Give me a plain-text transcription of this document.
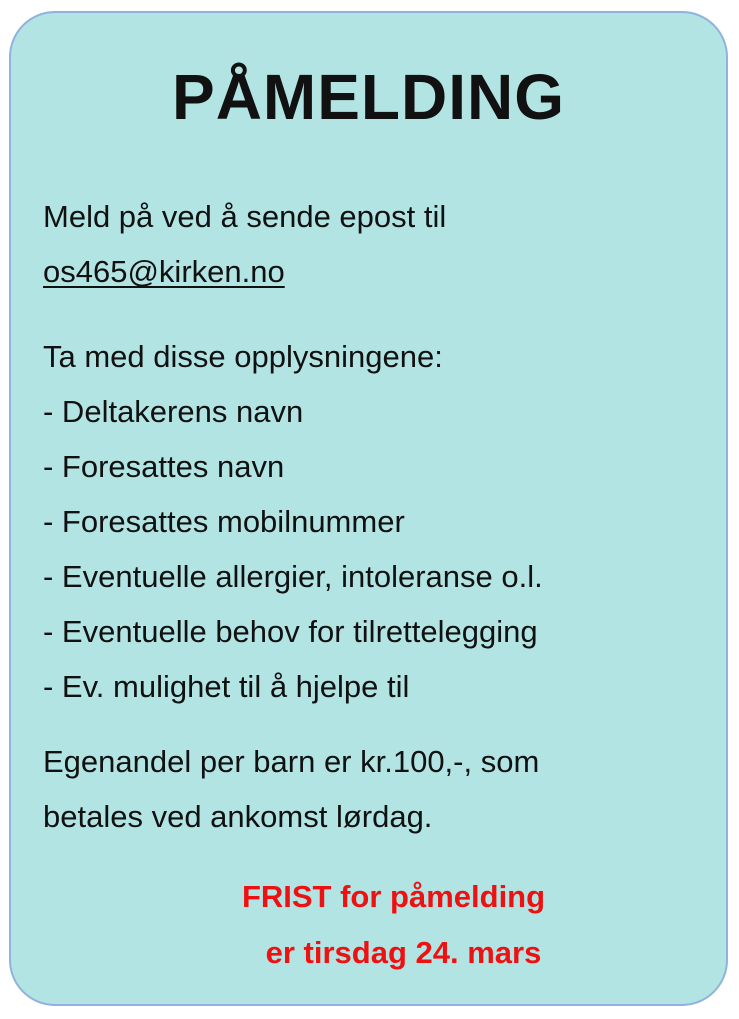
PÅMELDING
Meld på ved å sende epost til
os465@kirken.no
Ta med disse opplysningene:
- Deltakerens navn
- Foresattes navn
- Foresattes mobilnummer
- Eventuelle allergier, intoleranse o.l.
- Eventuelle behov for tilrettelegging
- Ev. mulighet til å hjelpe til
Egenandel per barn er kr.100,-, som
betales ved ankomst lørdag.
FRIST for påmelding
er tirsdag 24. mars
